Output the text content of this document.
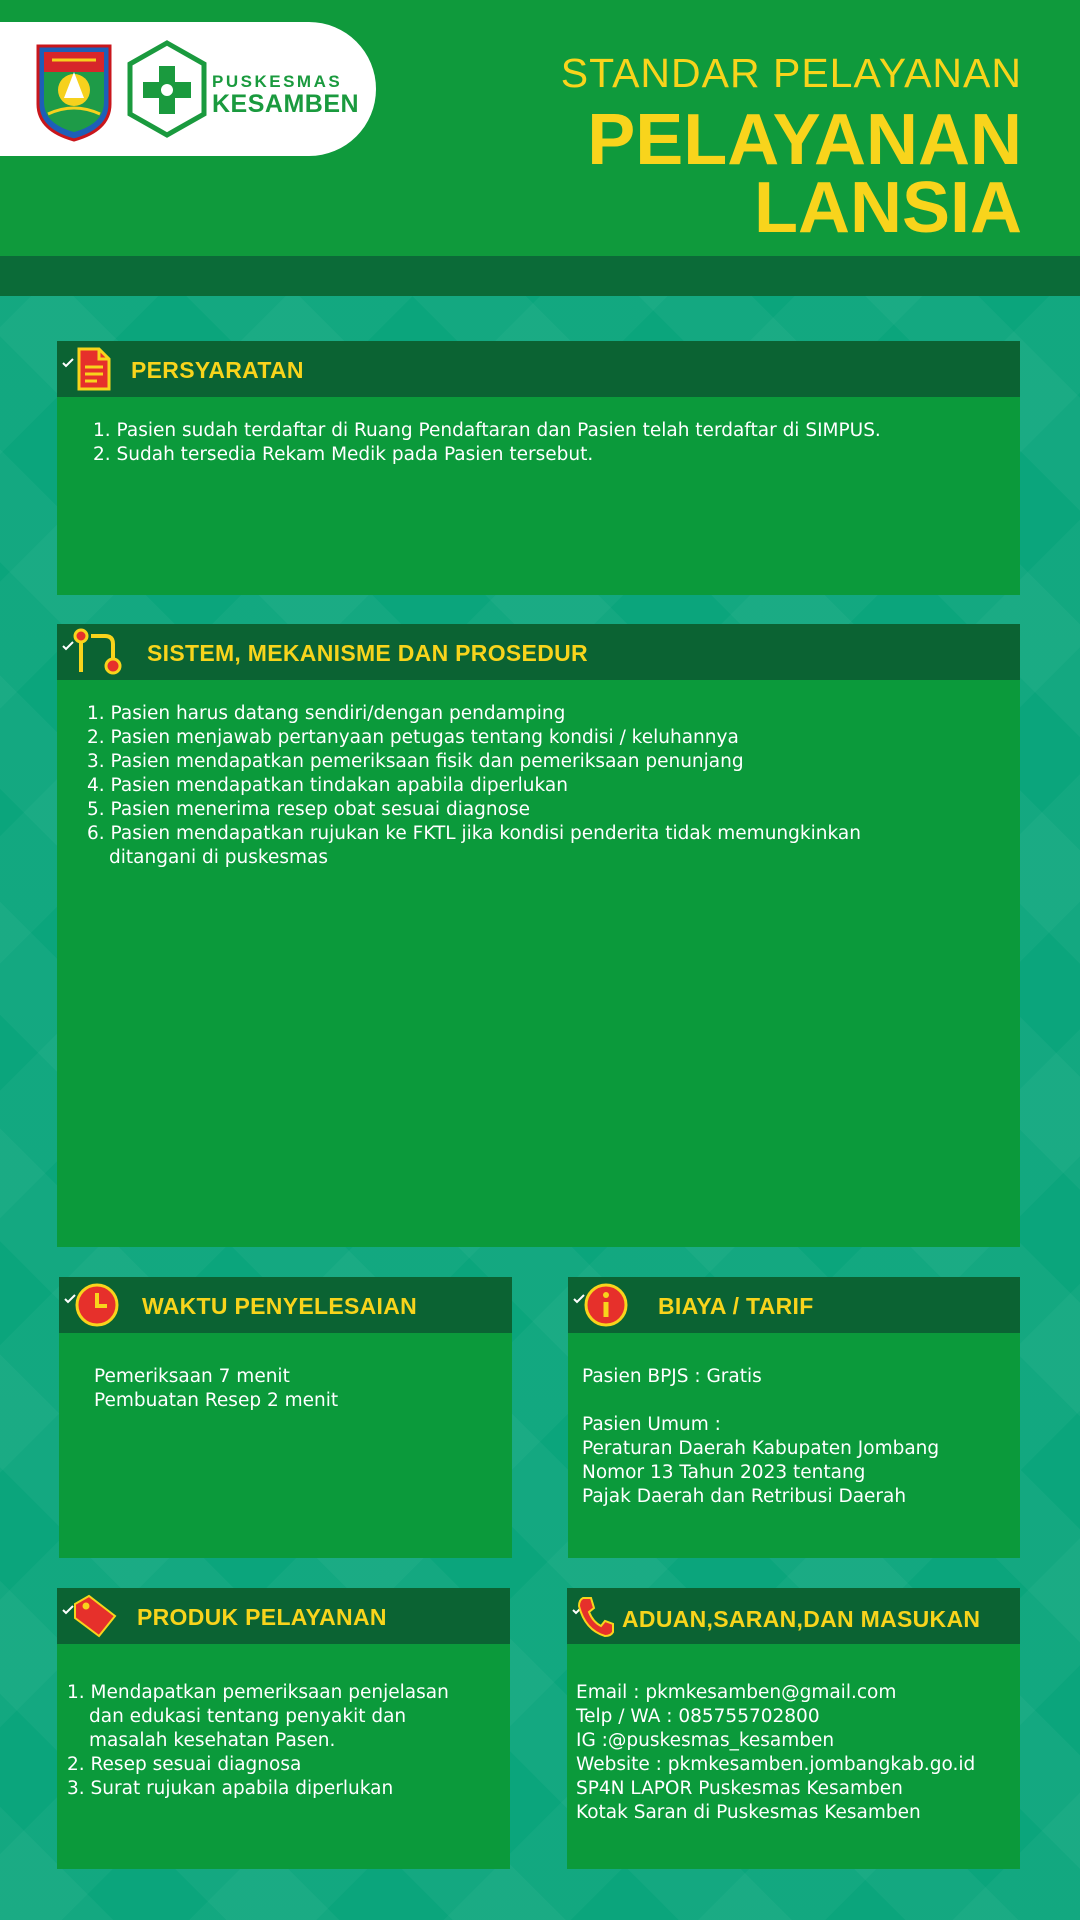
PUSKESMAS
KESAMBEN
STANDAR PELAYANAN
PELAYANAN
LANSIA
PERSYARATAN
1. Pasien sudah terdaftar di Ruang Pendaftaran dan Pasien telah terdaftar di SIMPUS.
2. Sudah tersedia Rekam Medik pada Pasien tersebut.
SISTEM, MEKANISME DAN PROSEDUR
1. Pasien harus datang sendiri/dengan pendamping
2. Pasien menjawab pertanyaan petugas tentang kondisi / keluhannya
3. Pasien mendapatkan pemeriksaan fisik dan pemeriksaan penunjang
4. Pasien mendapatkan tindakan apabila diperlukan
5. Pasien menerima resep obat sesuai diagnose
6. Pasien mendapatkan rujukan ke FKTL jika kondisi penderita tidak memungkinkan
ditangani di puskesmas
WAKTU PENYELESAIAN
Pemeriksaan 7 menit
Pembuatan Resep 2 menit
BIAYA / TARIF
Pasien BPJS : Gratis
Pasien Umum :
Peraturan Daerah Kabupaten Jombang
Nomor 13 Tahun 2023 tentang
Pajak Daerah dan Retribusi Daerah
PRODUK PELAYANAN
1. Mendapatkan pemeriksaan penjelasan
dan edukasi tentang penyakit dan
masalah kesehatan Pasen.
2. Resep sesuai diagnosa
3. Surat rujukan apabila diperlukan
ADUAN,SARAN,DAN MASUKAN
Email : pkmkesamben@gmail.com
Telp / WA : 085755702800
IG :@puskesmas_kesamben
Website : pkmkesamben.jombangkab.go.id
SP4N LAPOR Puskesmas Kesamben
Kotak Saran di Puskesmas Kesamben
